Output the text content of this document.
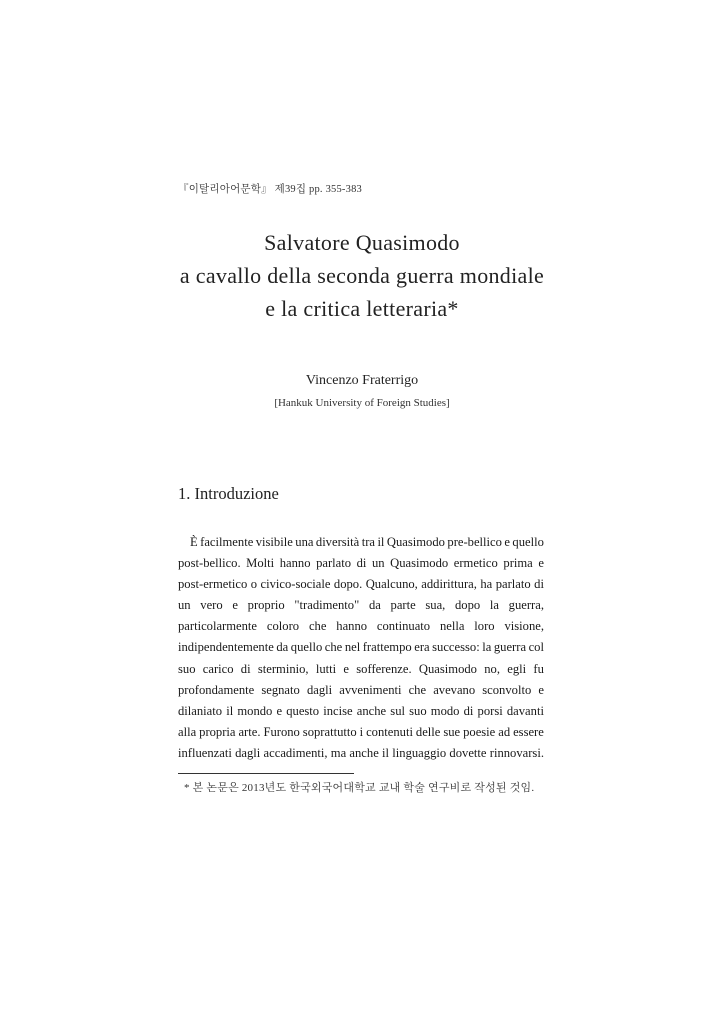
『이탈리아어문학』 제39집 pp. 355-383
Salvatore Quasimodo
a cavallo della seconda guerra mondiale
e la critica letteraria*
Vincenzo Fraterrigo
[Hankuk University of Foreign Studies]
1. Introduzione
È facilmente visibile una diversità tra il Quasimodo pre-bellico e quello
post-bellico. Molti hanno parlato di un Quasimodo ermetico prima e
post-ermetico o civico-sociale dopo. Qualcuno, addirittura, ha parlato di
un vero e proprio "tradimento" da parte sua, dopo la guerra,
particolarmente coloro che hanno continuato nella loro visione,
indipendentemente da quello che nel frattempo era successo: la guerra col
suo carico di sterminio, lutti e sofferenze. Quasimodo no, egli fu
profondamente segnato dagli avvenimenti che avevano sconvolto e
dilaniato il mondo e questo incise anche sul suo modo di porsi davanti
alla propria arte. Furono soprattutto i contenuti delle sue poesie ad essere
influenzati dagli accadimenti, ma anche il linguaggio dovette rinnovarsi.
* 본 논문은 2013년도 한국외국어대학교 교내 학술 연구비로 작성된 것임.
